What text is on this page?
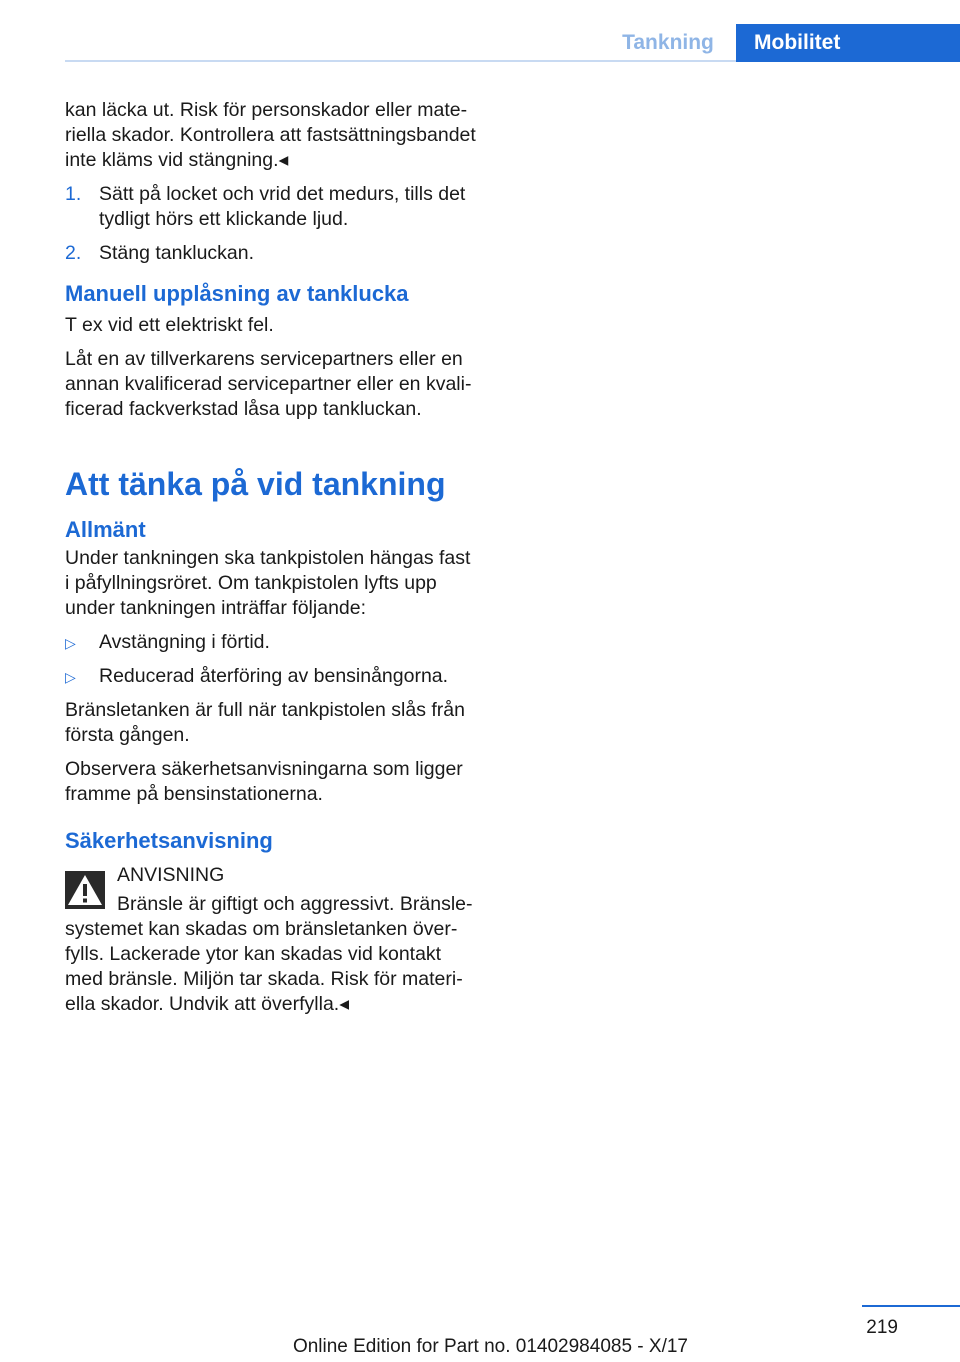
Tankning	Mobilitet

kan läcka ut. Risk för personskador eller materiella skador. Kontrollera att fastsättningsbandet inte kläms vid stängning.◂

1. Sätt på locket och vrid det medurs, tills det tydligt hörs ett klickande ljud.
2. Stäng tankluckan.
Manuell upplåsning av tanklucka

T ex vid ett elektriskt fel.

Låt en av tillverkarens servicepartners eller en annan kvalificerad servicepartner eller en kvalificerad fackverkstad låsa upp tankluckan.

Att tänka på vid tankning
Allmänt

Under tankningen ska tankpistolen hängas fast i påfyllningsröret. Om tankpistolen lyfts upp under tankningen inträffar följande:

▷ Avstängning i förtid.
▷ Reducerad återföring av bensinångorna.

Bränsletanken är full när tankpistolen slås från första gången.

Observera säkerhetsanvisningarna som ligger framme på bensinstationerna.

Säkerhetsanvisning
ANVISNING

Bränsle är giftigt och aggressivt. Bränslesystemet kan skadas om bränsletanken överfylls. Lackerade ytor kan skadas vid kontakt med bränsle. Miljön tar skada. Risk för materiella skador. Undvik att överfylla.◂

219
Online Edition for Part no. 01402984085 - X/17
